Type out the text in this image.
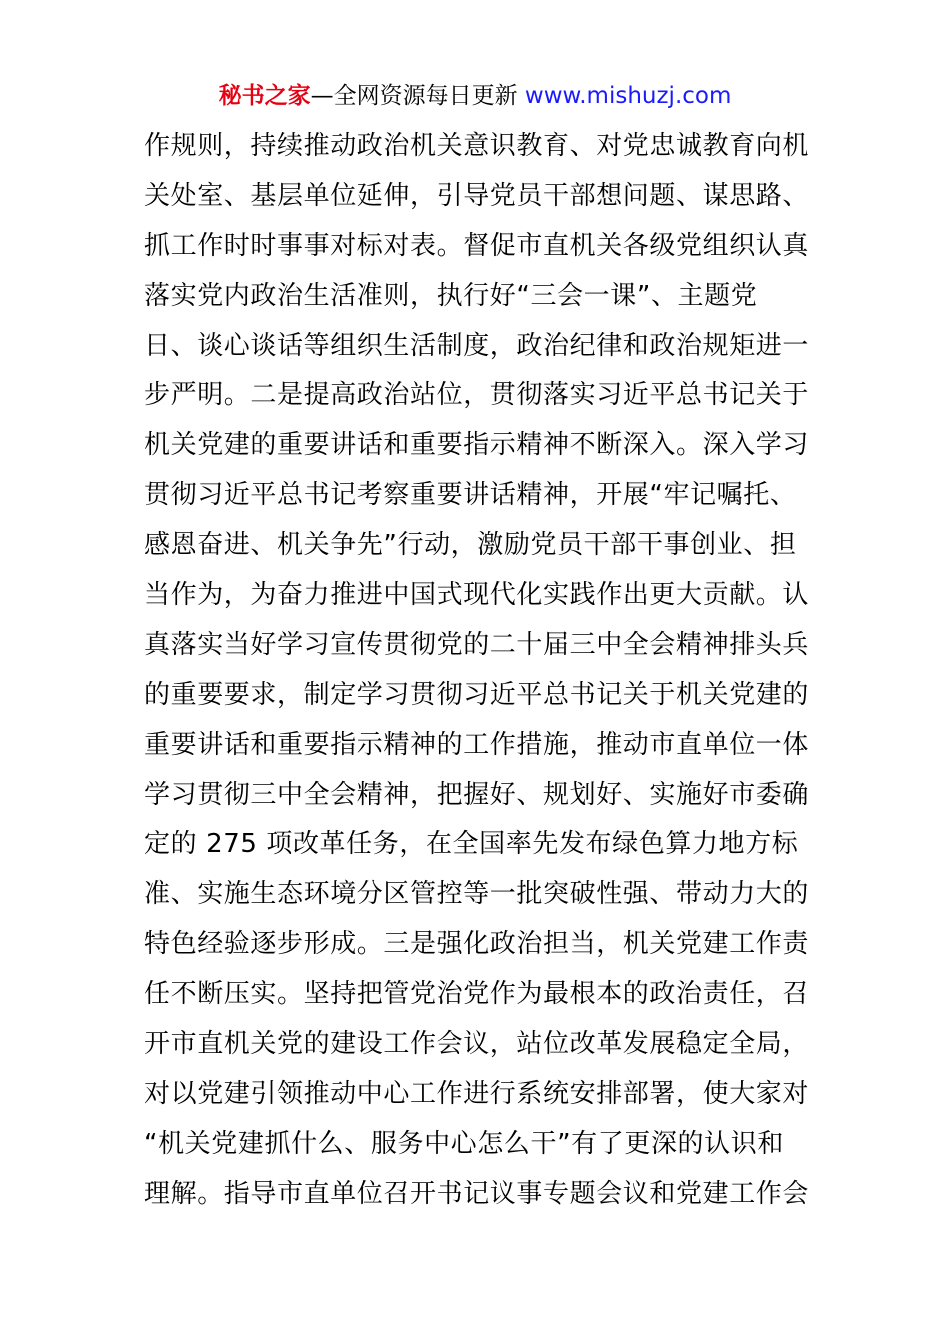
秘书之家—全网资源每日更新 www.mishuzj.com
作规则，持续推动政治机关意识教育、对党忠诚教育向机
关处室、基层单位延伸，引导党员干部想问题、谋思路、
抓工作时时事事对标对表。督促市直机关各级党组织认真
落实党内政治生活准则，执行好“三会一课”、主题党
日、谈心谈话等组织生活制度，政治纪律和政治规矩进一
步严明。二是提高政治站位，贯彻落实习近平总书记关于
机关党建的重要讲话和重要指示精神不断深入。深入学习
贯彻习近平总书记考察重要讲话精神，开展“牢记嘱托、
感恩奋进、机关争先”行动，激励党员干部干事创业、担
当作为，为奋力推进中国式现代化实践作出更大贡献。认
真落实当好学习宣传贯彻党的二十届三中全会精神排头兵
的重要要求，制定学习贯彻习近平总书记关于机关党建的
重要讲话和重要指示精神的工作措施，推动市直单位一体
学习贯彻三中全会精神，把握好、规划好、实施好市委确
定的 275 项改革任务，在全国率先发布绿色算力地方标
准、实施生态环境分区管控等一批突破性强、带动力大的
特色经验逐步形成。三是强化政治担当，机关党建工作责
任不断压实。坚持把管党治党作为最根本的政治责任，召
开市直机关党的建设工作会议，站位改革发展稳定全局，
对以党建引领推动中心工作进行系统安排部署，使大家对
“机关党建抓什么、服务中心怎么干”有了更深的认识和
理解。指导市直单位召开书记议事专题会议和党建工作会
